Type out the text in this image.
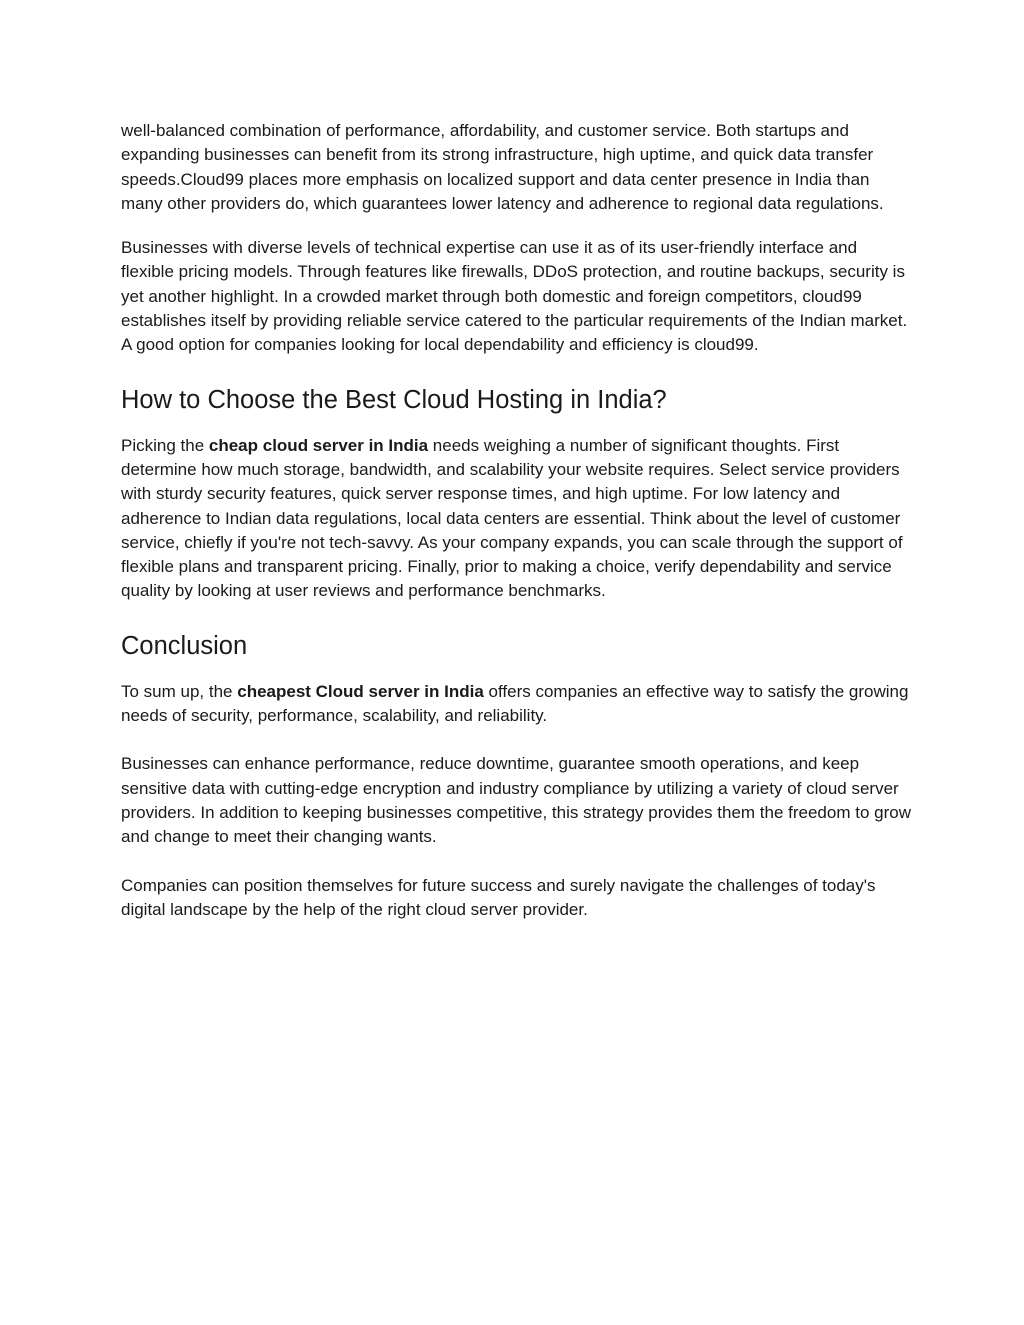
well-balanced combination of performance, affordability, and customer service. Both startups and expanding businesses can benefit from its strong infrastructure, high uptime, and quick data transfer speeds.Cloud99 places more emphasis on localized support and data center presence in India than many other providers do, which guarantees lower latency and adherence to regional data regulations.

Businesses with diverse levels of technical expertise can use it as of its user-friendly interface and flexible pricing models. Through features like firewalls, DDoS protection, and routine backups, security is yet another highlight. In a crowded market through both domestic and foreign competitors, cloud99 establishes itself by providing reliable service catered to the particular requirements of the Indian market. A good option for companies looking for local dependability and efficiency is cloud99.

How to Choose the Best Cloud Hosting in India?

Picking the cheap cloud server in India needs weighing a number of significant thoughts. First determine how much storage, bandwidth, and scalability your website requires. Select service providers with sturdy security features, quick server response times, and high uptime. For low latency and adherence to Indian data regulations, local data centers are essential. Think about the level of customer service, chiefly if you're not tech-savvy. As your company expands, you can scale through the support of flexible plans and transparent pricing. Finally, prior to making a choice, verify dependability and service quality by looking at user reviews and performance benchmarks.

Conclusion

To sum up, the cheapest Cloud server in India offers companies an effective way to satisfy the growing needs of security, performance, scalability, and reliability.

Businesses can enhance performance, reduce downtime, guarantee smooth operations, and keep sensitive data with cutting-edge encryption and industry compliance by utilizing a variety of cloud server providers. In addition to keeping businesses competitive, this strategy provides them the freedom to grow and change to meet their changing wants.

Companies can position themselves for future success and surely navigate the challenges of today's digital landscape by the help of the right cloud server provider.
